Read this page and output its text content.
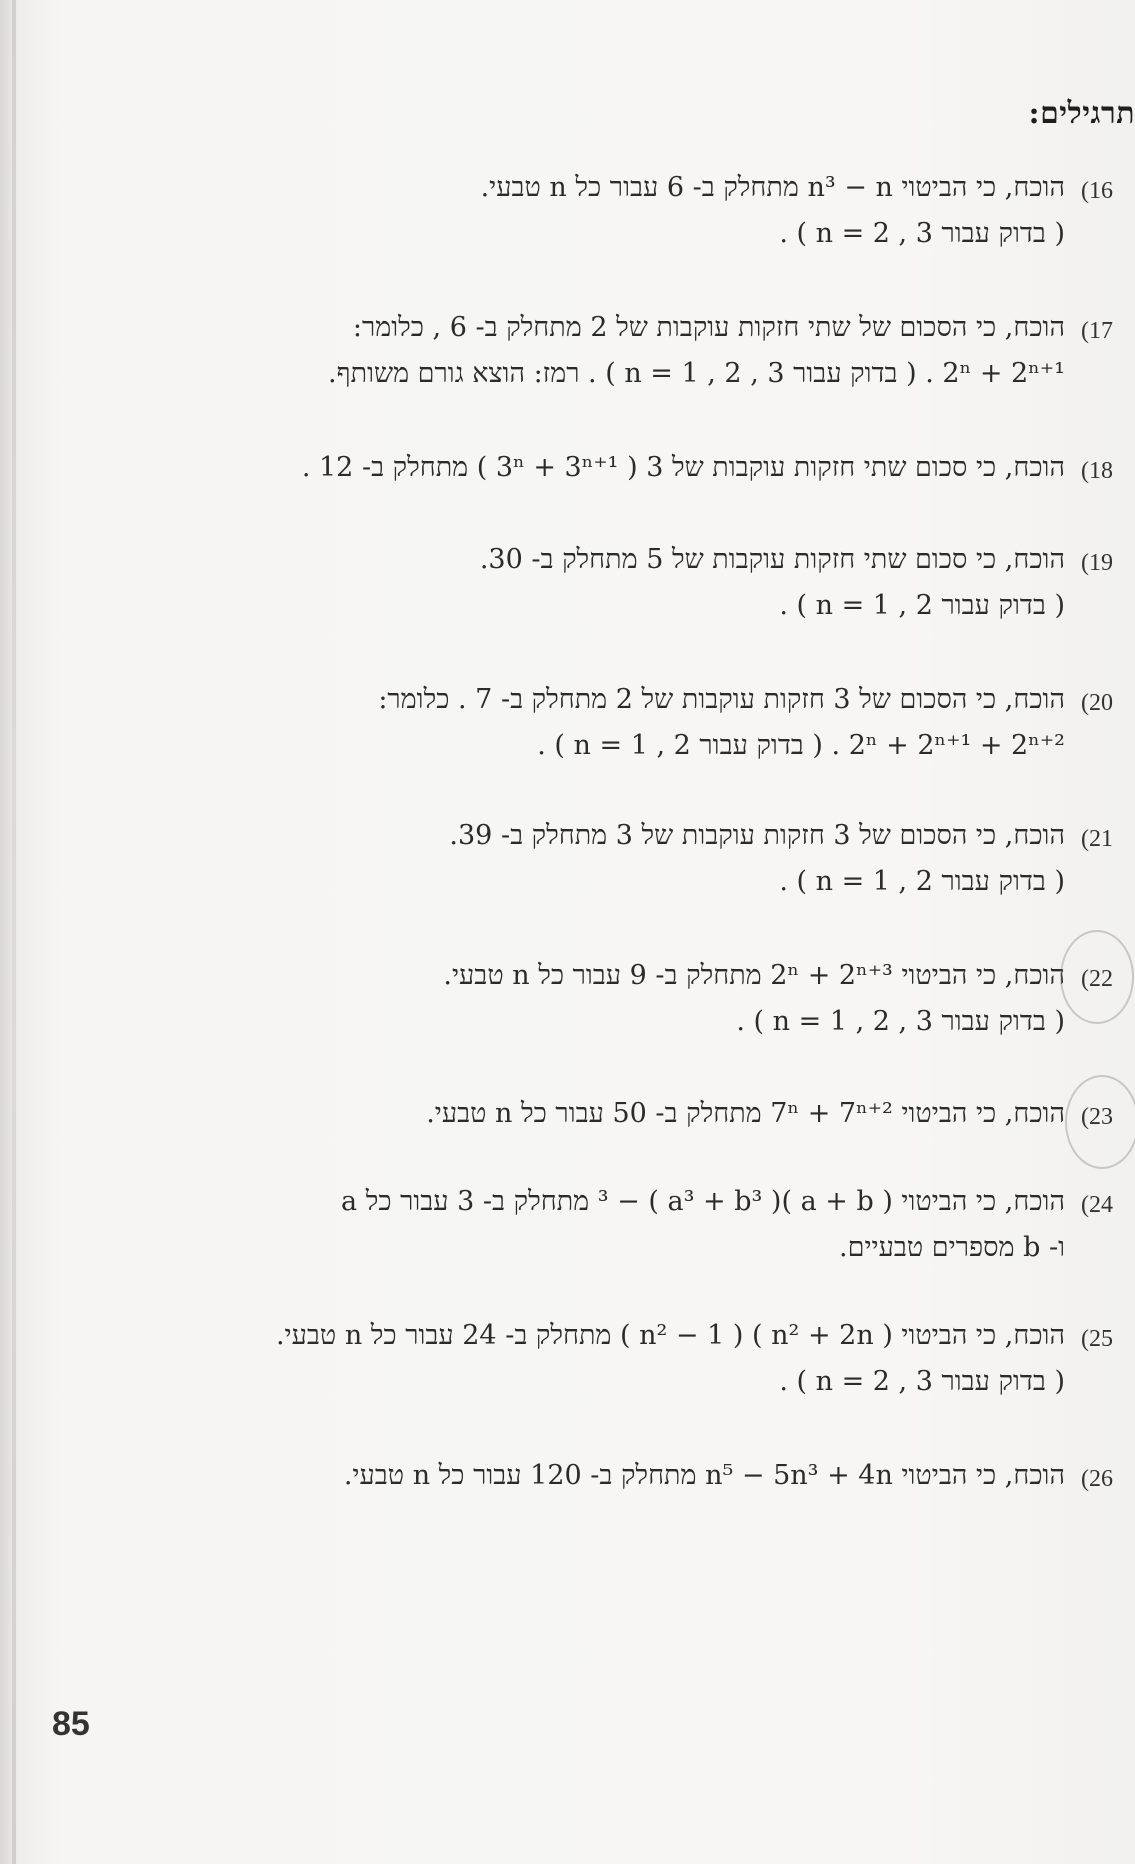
תרגילים:
(16
הוכח, כי הביטוי n³ − n מתחלק ב- 6 עבור כל n טבעי.
( בדוק עבור n = 2 , 3 ) .
(17
הוכח, כי הסכום של שתי חזקות עוקבות של 2 מתחלק ב- 6 , כלומר:
2ⁿ + 2ⁿ⁺¹ . ( בדוק עבור n = 1 , 2 , 3 ) . רמז: הוצא גורם משותף.
(18
הוכח, כי סכום שתי חזקות עוקבות של 3 ( 3ⁿ + 3ⁿ⁺¹ ) מתחלק ב- 12 .
(19
הוכח, כי סכום שתי חזקות עוקבות של 5 מתחלק ב- 30.
( בדוק עבור n = 1 , 2 ) .
(20
הוכח, כי הסכום של 3 חזקות עוקבות של 2 מתחלק ב- 7 . כלומר:
2ⁿ + 2ⁿ⁺¹ + 2ⁿ⁺² . ( בדוק עבור n = 1 , 2 ) .
(21
הוכח, כי הסכום של 3 חזקות עוקבות של 3 מתחלק ב- 39.
( בדוק עבור n = 1 , 2 ) .
(22
הוכח, כי הביטוי 2ⁿ + 2ⁿ⁺³ מתחלק ב- 9 עבור כל n טבעי.
( בדוק עבור n = 1 , 2 , 3 ) .
(23
הוכח, כי הביטוי 7ⁿ + 7ⁿ⁺² מתחלק ב- 50 עבור כל n טבעי.
(24
הוכח, כי הביטוי ( a + b )³ − ( a³ + b³ ) מתחלק ב- 3 עבור כל a
ו- b מספרים טבעיים.
(25
הוכח, כי הביטוי ( n² + 2n ) ( n² − 1 ) מתחלק ב- 24 עבור כל n טבעי.
( בדוק עבור n = 2 , 3 ) .
(26
הוכח, כי הביטוי n⁵ − 5n³ + 4n מתחלק ב- 120 עבור כל n טבעי.
85
